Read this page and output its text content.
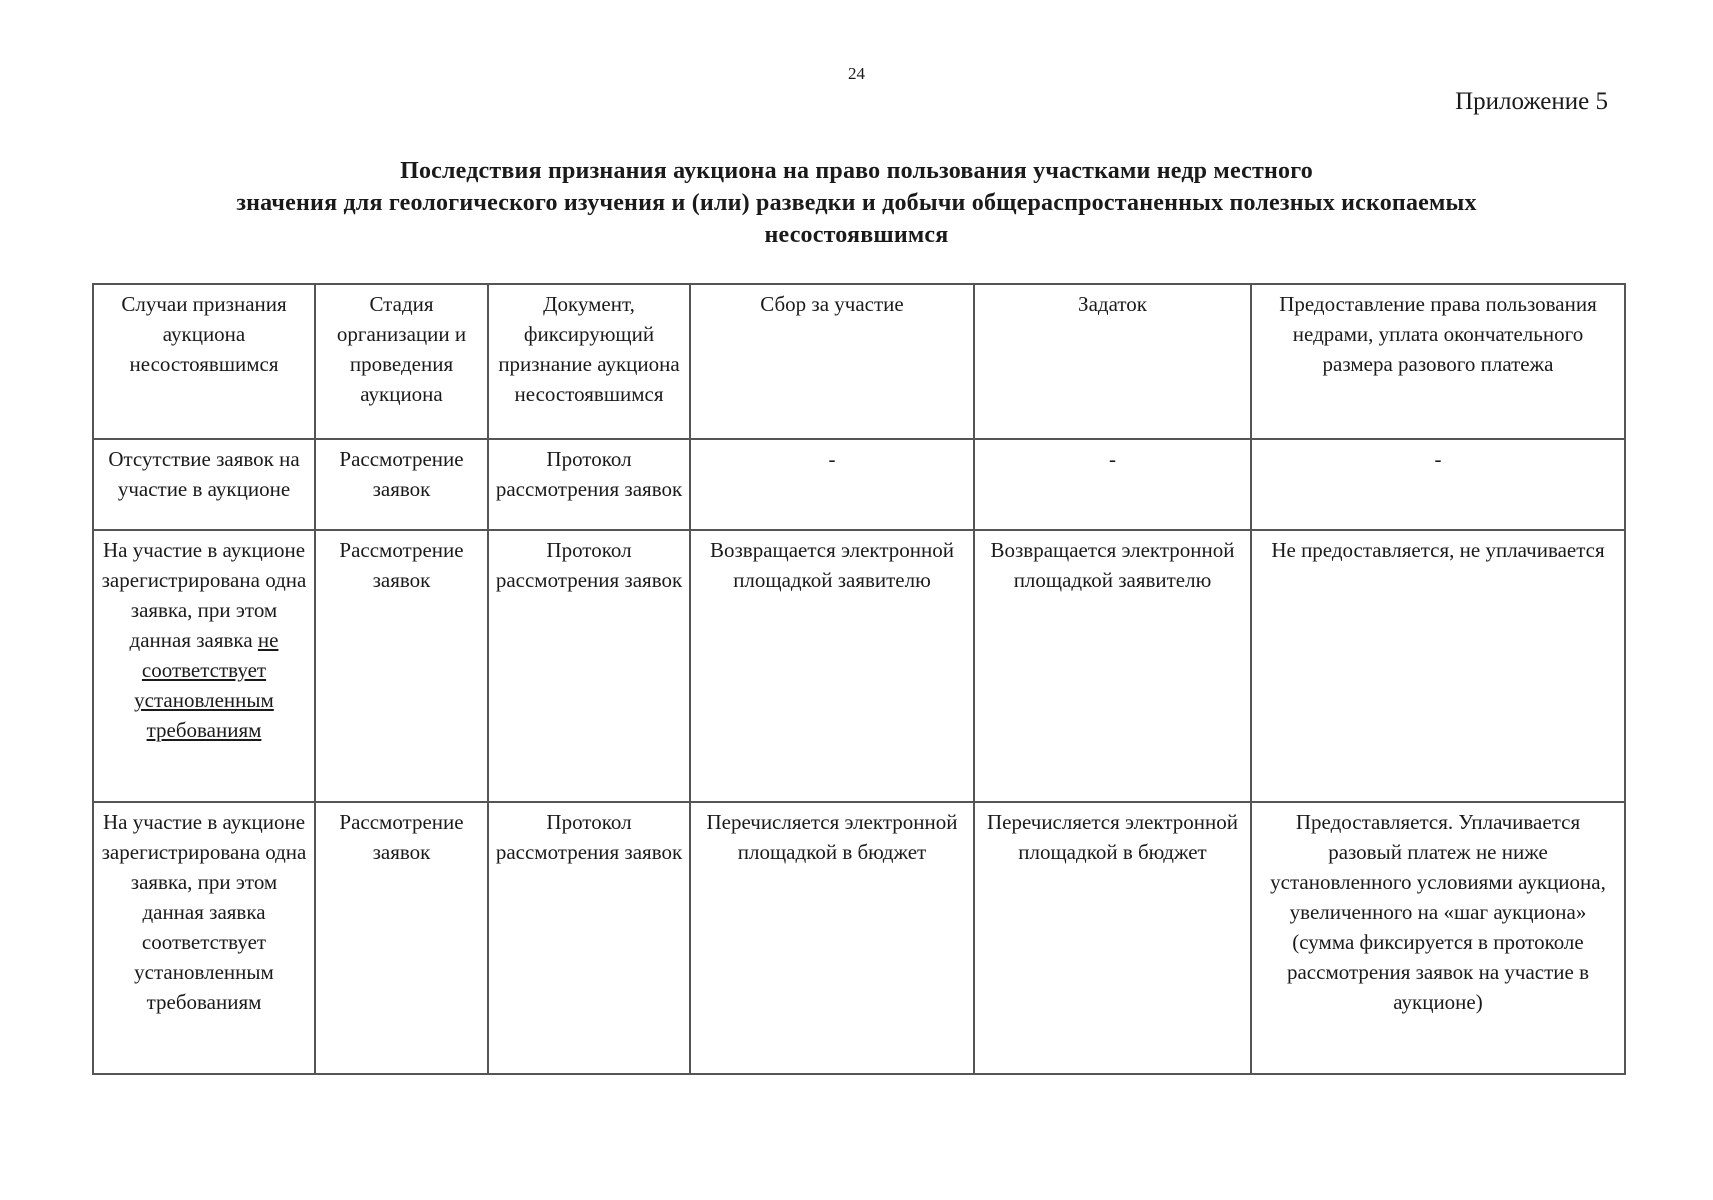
24
Приложение 5
Последствия признания аукциона на право пользования участками недр местного
значения для геологического изучения и (или) разведки и добычи общераспростаненных полезных ископаемых
несостоявшимся
Случаи признания аукциона несостоявшимся	Стадия организации и проведения аукциона	Документ, фиксирующий признание аукциона несостоявшимся	Сбор за участие	Задаток	Предоставление права пользования недрами, уплата окончательного размера разового платежа
Отсутствие заявок на участие в аукционе	Рассмотрение заявок	Протокол рассмотрения заявок	-	-	-
На участие в аукционе зарегистрирована одна заявка, при этом данная заявка не соответствует установленным требованиям	Рассмотрение заявок	Протокол рассмотрения заявок	Возвращается электронной площадкой заявителю	Возвращается электронной площадкой заявителю	Не предоставляется, не уплачивается
На участие в аукционе зарегистрирована одна заявка, при этом данная заявка соответствует установленным требованиям	Рассмотрение заявок	Протокол рассмотрения заявок	Перечисляется электронной площадкой в бюджет	Перечисляется электронной площадкой в бюджет	Предоставляется. Уплачивается разовый платеж не ниже установленного условиями аукциона, увеличенного на «шаг аукциона» (сумма фиксируется в протоколе рассмотрения заявок на участие в аукционе)
